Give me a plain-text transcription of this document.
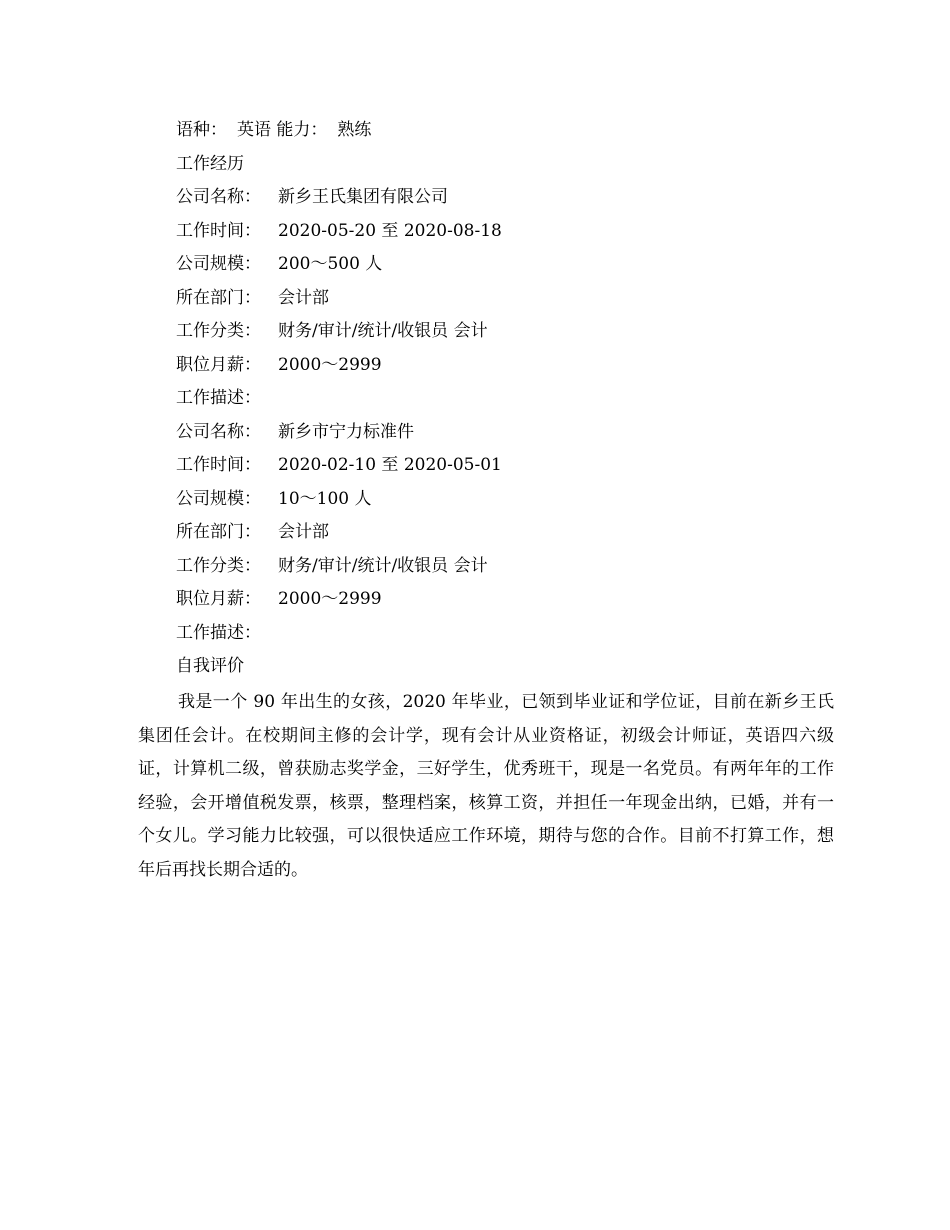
语种： 英语 能力： 熟练
工作经历
公司名称： 新乡王氏集团有限公司
工作时间： 2020-05-20 至 2020-08-18
公司规模： 200～500 人
所在部门： 会计部
工作分类： 财务/审计/统计/收银员 会计
职位月薪： 2000～2999
工作描述：
公司名称： 新乡市宁力标准件
工作时间： 2020-02-10 至 2020-05-01
公司规模： 10～100 人
所在部门： 会计部
工作分类： 财务/审计/统计/收银员 会计
职位月薪： 2000～2999
工作描述：
自我评价
我是一个 90 年出生的女孩，2020 年毕业，已领到毕业证和学位证，目前在新乡王氏集团任会计。在校期间主修的会计学，现有会计从业资格证，初级会计师证，英语四六级证，计算机二级，曾获励志奖学金，三好学生，优秀班干，现是一名党员。有两年年的工作经验，会开增值税发票，核票，整理档案，核算工资，并担任一年现金出纳，已婚，并有一个女儿。学习能力比较强，可以很快适应工作环境，期待与您的合作。目前不打算工作，想年后再找长期合适的。
